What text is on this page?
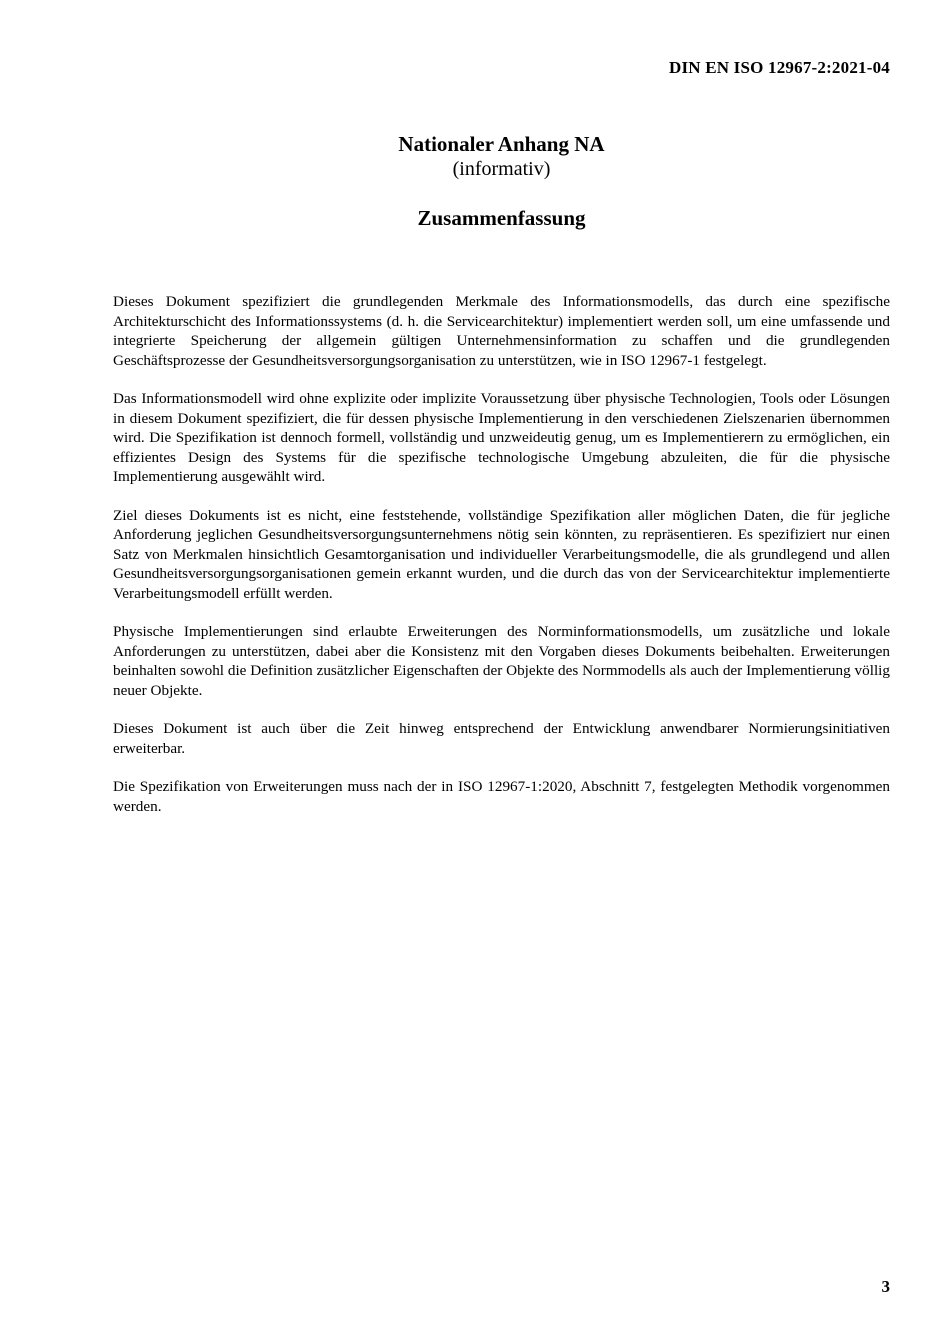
DIN EN ISO 12967-2:2021-04
Nationaler Anhang NA
(informativ)
Zusammenfassung

Dieses Dokument spezifiziert die grundlegenden Merkmale des Informationsmodells, das durch eine spezifische Architekturschicht des Informationssystems (d. h. die Servicearchitektur) implementiert werden soll, um eine umfassende und integrierte Speicherung der allgemein gültigen Unternehmensinformation zu schaffen und die grundlegenden Geschäftsprozesse der Gesundheitsversorgungsorganisation zu unterstützen, wie in ISO 12967-1 festgelegt.

Das Informationsmodell wird ohne explizite oder implizite Voraussetzung über physische Technologien, Tools oder Lösungen in diesem Dokument spezifiziert, die für dessen physische Implementierung in den verschiedenen Zielszenarien übernommen wird. Die Spezifikation ist dennoch formell, vollständig und unzweideutig genug, um es Implementierern zu ermöglichen, ein effizientes Design des Systems für die spezifische technologische Umgebung abzuleiten, die für die physische Implementierung ausgewählt wird.

Ziel dieses Dokuments ist es nicht, eine feststehende, vollständige Spezifikation aller möglichen Daten, die für jegliche Anforderung jeglichen Gesundheitsversorgungsunternehmens nötig sein könnten, zu repräsentieren. Es spezifiziert nur einen Satz von Merkmalen hinsichtlich Gesamtorganisation und individueller Verarbeitungsmodelle, die als grundlegend und allen Gesundheitsversorgungsorganisationen gemein erkannt wurden, und die durch das von der Servicearchitektur implementierte Verarbeitungsmodell erfüllt werden.

Physische Implementierungen sind erlaubte Erweiterungen des Norminformationsmodells, um zusätzliche und lokale Anforderungen zu unterstützen, dabei aber die Konsistenz mit den Vorgaben dieses Dokuments beibehalten. Erweiterungen beinhalten sowohl die Definition zusätzlicher Eigenschaften der Objekte des Normmodells als auch der Implementierung völlig neuer Objekte.

Dieses Dokument ist auch über die Zeit hinweg entsprechend der Entwicklung anwendbarer Normierungsinitiativen erweiterbar.

Die Spezifikation von Erweiterungen muss nach der in ISO 12967-1:2020, Abschnitt 7, festgelegten Methodik vorgenommen werden.

3
